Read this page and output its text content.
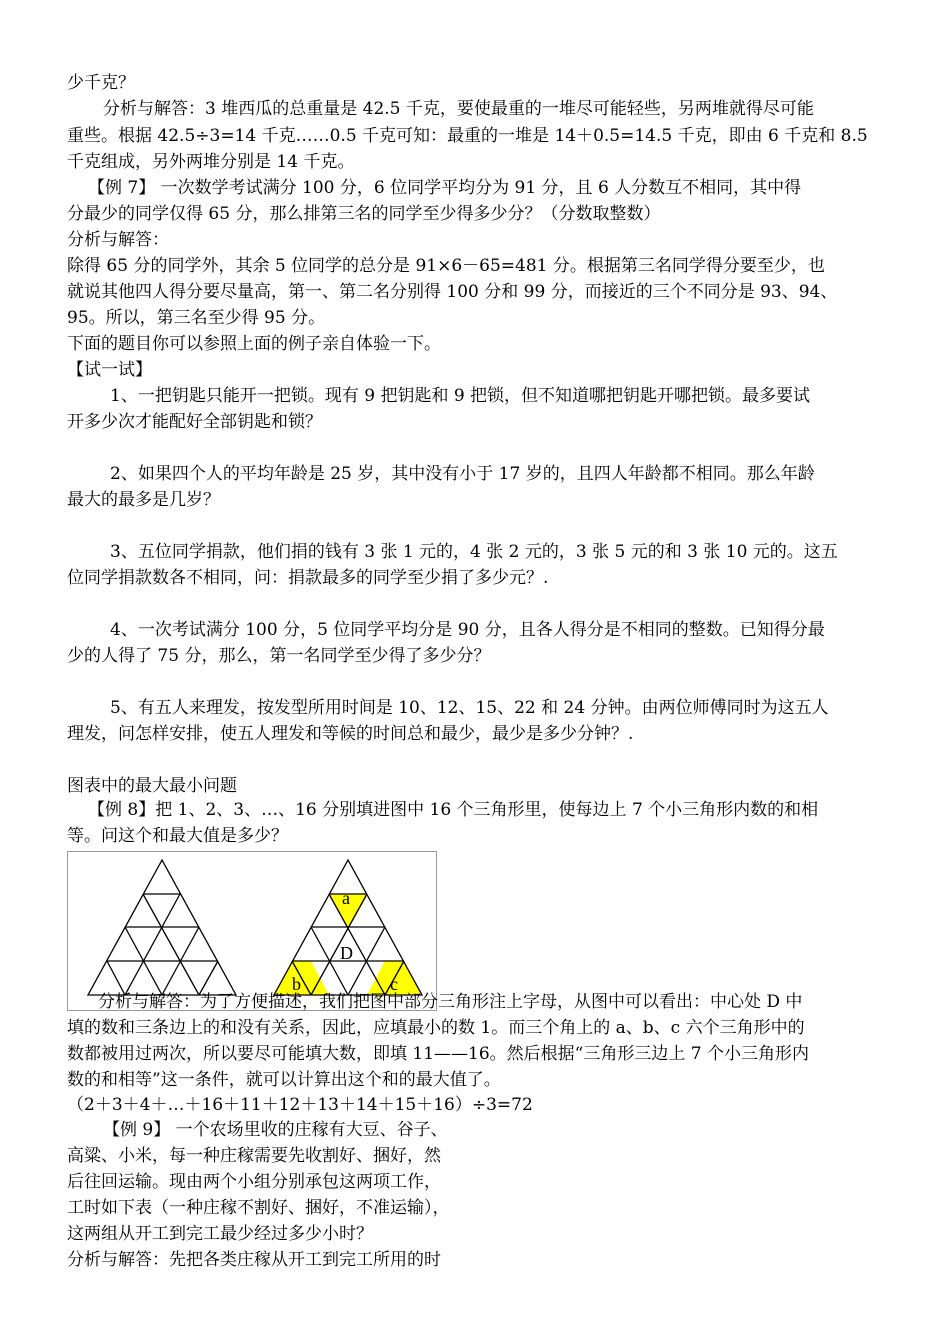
少千克？
分析与解答：3 堆西瓜的总重量是 42.5 千克，要使最重的一堆尽可能轻些，另两堆就得尽可能
重些。根据 42.5÷3=14 千克……0.5 千克可知：最重的一堆是 14＋0.5=14.5 千克，即由 6 千克和 8.5
千克组成，另外两堆分别是 14 千克。
【例 7】 一次数学考试满分 100 分，6 位同学平均分为 91 分，且 6 人分数互不相同，其中得
分最少的同学仅得 65 分，那么排第三名的同学至少得多少分？（分数取整数）
分析与解答：
除得 65 分的同学外，其余 5 位同学的总分是 91×6－65=481 分。根据第三名同学得分要至少，也
就说其他四人得分要尽量高，第一、第二名分别得 100 分和 99 分，而接近的三个不同分是 93、94、
95。所以，第三名至少得 95 分。
下面的题目你可以参照上面的例子亲自体验一下。
【试一试】
1、一把钥匙只能开一把锁。现有 9 把钥匙和 9 把锁，但不知道哪把钥匙开哪把锁。最多要试
开多少次才能配好全部钥匙和锁？
2、如果四个人的平均年龄是 25 岁，其中没有小于 17 岁的，且四人年龄都不相同。那么年龄
最大的最多是几岁？
3、五位同学捐款，他们捐的钱有 3 张 1 元的，4 张 2 元的，3 张 5 元的和 3 张 10 元的。这五
位同学捐款数各不相同，问：捐款最多的同学至少捐了多少元？.
4、一次考试满分 100 分，5 位同学平均分是 90 分，且各人得分是不相同的整数。已知得分最
少的人得了 75 分，那么，第一名同学至少得了多少分？
5、有五人来理发，按发型所用时间是 10、12、15、22 和 24 分钟。由两位师傅同时为这五人
理发，问怎样安排，使五人理发和等候的时间总和最少，最少是多少分钟？.
图表中的最大最小问题
【例 8】把 1、2、3、…、16 分别填进图中 16 个三角形里，使每边上 7 个小三角形内数的和相
a
D
b	c
分析与解答：为了方便描述，我们把图中部分三角形注上字母，从图中可以看出：中心处 D 中
填的数和三条边上的和没有关系，因此，应填最小的数 1。而三个角上的 a、b、c 六个三角形中的
数都被用过两次，所以要尽可能填大数，即填 11——16。然后根据“三角形三边上 7 个小三角形内
数的和相等”这一条件，就可以计算出这个和的最大值了。
（2＋3＋4＋…＋16＋11＋12＋13＋14＋15＋16）÷3=72
【例 9】 一个农场里收的庄稼有大豆、谷子、
高粱、小米，每一种庄稼需要先收割好、捆好，然
后往回运输。现由两个小组分别承包这两项工作，
工时如下表（一种庄稼不割好、捆好，不准运输），
这两组从开工到完工最少经过多少小时？
分析与解答：先把各类庄稼从开工到完工所用的时
等。问这个和最大值是多少？
